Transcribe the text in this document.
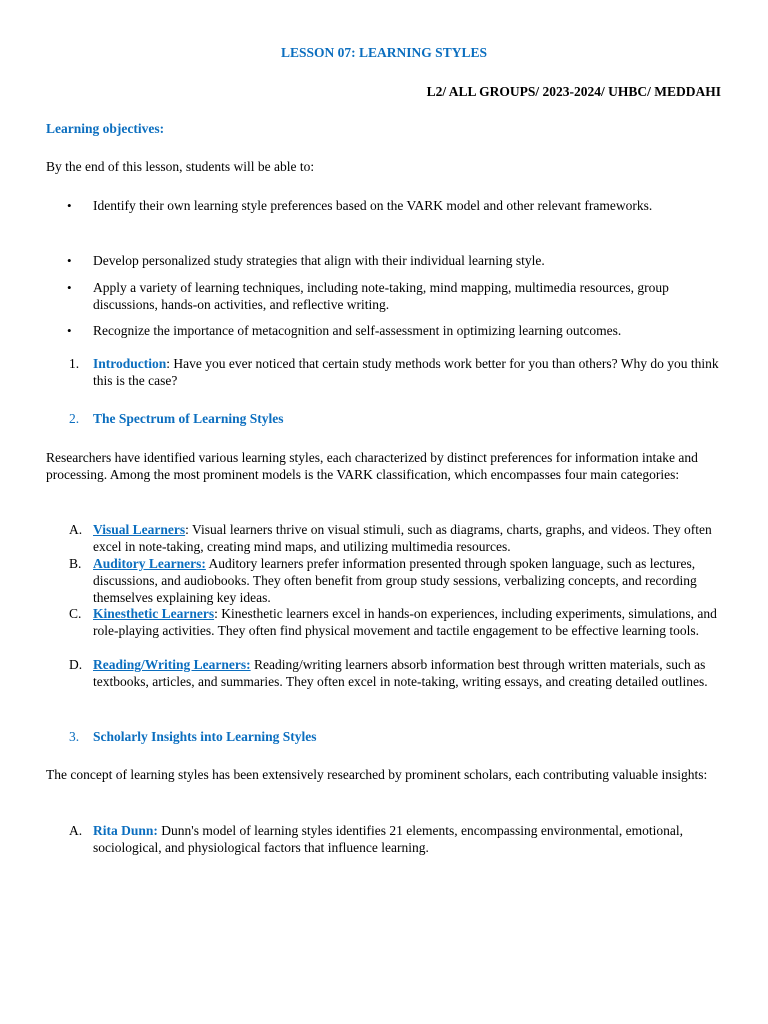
LESSON 07: LEARNING STYLES
L2/ ALL GROUPS/ 2023-2024/ UHBC/ MEDDAHI
Learning objectives:
By the end of this lesson, students will be able to:
• Identify their own learning style preferences based on the VARK model and other relevant frameworks.
• Develop personalized study strategies that align with their individual learning style.
• Apply a variety of learning techniques, including note-taking, mind mapping, multimedia resources, group discussions, hands-on activities, and reflective writing.
• Recognize the importance of metacognition and self-assessment in optimizing learning outcomes.
1. Introduction: Have you ever noticed that certain study methods work better for you than others? Why do you think this is the case?
2. The Spectrum of Learning Styles
Researchers have identified various learning styles, each characterized by distinct preferences for information intake and processing. Among the most prominent models is the VARK classification, which encompasses four main categories:
A. Visual Learners: Visual learners thrive on visual stimuli, such as diagrams, charts, graphs, and videos. They often excel in note-taking, creating mind maps, and utilizing multimedia resources.
B. Auditory Learners: Auditory learners prefer information presented through spoken language, such as lectures, discussions, and audiobooks. They often benefit from group study sessions, verbalizing concepts, and recording themselves explaining key ideas.
C. Kinesthetic Learners: Kinesthetic learners excel in hands-on experiences, including experiments, simulations, and role-playing activities. They often find physical movement and tactile engagement to be effective learning tools.
D. Reading/Writing Learners: Reading/writing learners absorb information best through written materials, such as textbooks, articles, and summaries. They often excel in note-taking, writing essays, and creating detailed outlines.
3. Scholarly Insights into Learning Styles
The concept of learning styles has been extensively researched by prominent scholars, each contributing valuable insights:
A. Rita Dunn: Dunn's model of learning styles identifies 21 elements, encompassing environmental, emotional, sociological, and physiological factors that influence learning.
